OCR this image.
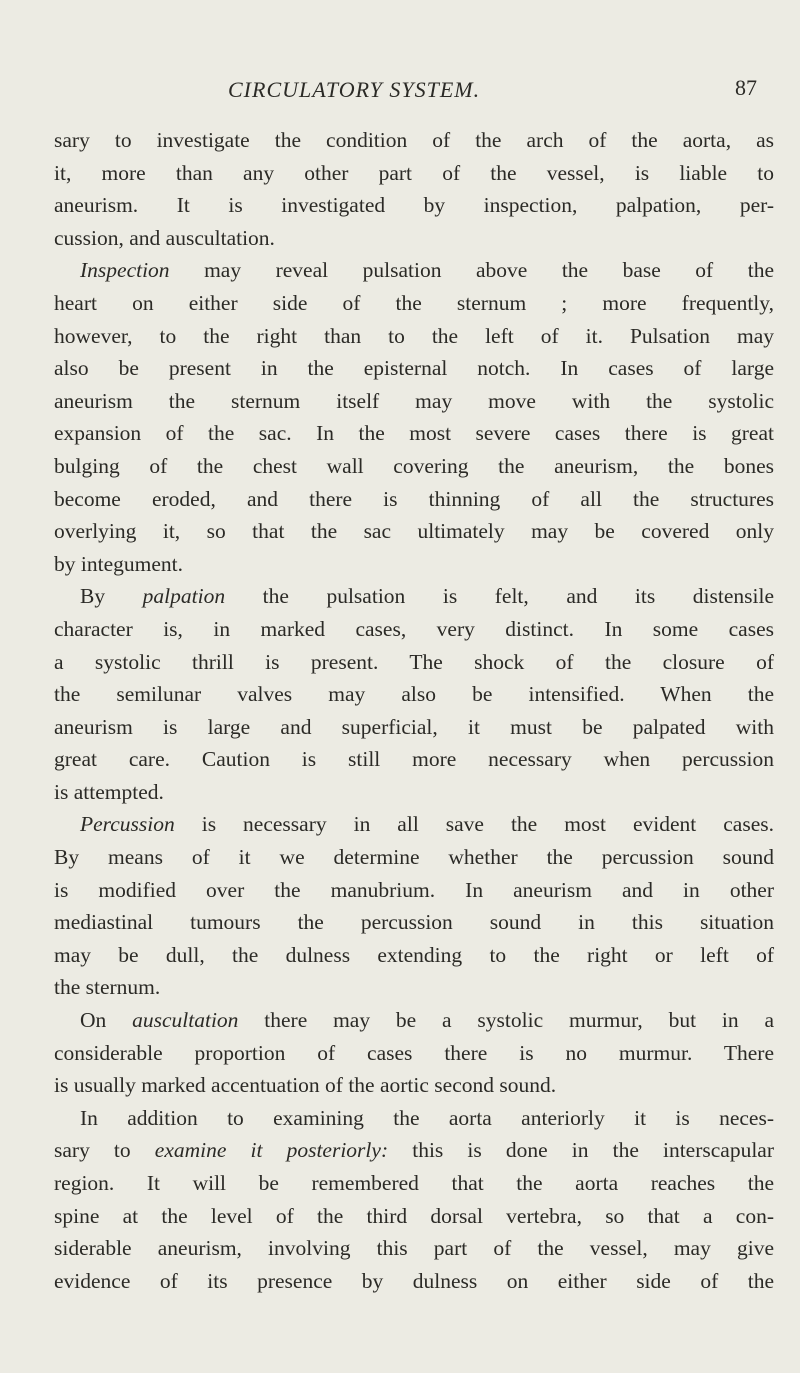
CIRCULATORY SYSTEM.	87
sary to investigate the condition of the arch of the aorta, as
it, more than any other part of the vessel, is liable to
aneurism. It is investigated by inspection, palpation, per-
cussion, and auscultation.
Inspection may reveal pulsation above the base of the
heart on either side of the sternum ; more frequently,
however, to the right than to the left of it. Pulsation may
also be present in the episternal notch. In cases of large
aneurism the sternum itself may move with the systolic
expansion of the sac. In the most severe cases there is great
bulging of the chest wall covering the aneurism, the bones
become eroded, and there is thinning of all the structures
overlying it, so that the sac ultimately may be covered only
by integument.
By palpation the pulsation is felt, and its distensile
character is, in marked cases, very distinct. In some cases
a systolic thrill is present. The shock of the closure of
the semilunar valves may also be intensified. When the
aneurism is large and superficial, it must be palpated with
great care. Caution is still more necessary when percussion
is attempted.
Percussion is necessary in all save the most evident cases.
By means of it we determine whether the percussion sound
is modified over the manubrium. In aneurism and in other
mediastinal tumours the percussion sound in this situation
may be dull, the dulness extending to the right or left of
the sternum.
On auscultation there may be a systolic murmur, but in a
considerable proportion of cases there is no murmur. There
is usually marked accentuation of the aortic second sound.
In addition to examining the aorta anteriorly it is neces-
sary to examine it posteriorly: this is done in the interscapular
region. It will be remembered that the aorta reaches the
spine at the level of the third dorsal vertebra, so that a con-
siderable aneurism, involving this part of the vessel, may give
evidence of its presence by dulness on either side of the
